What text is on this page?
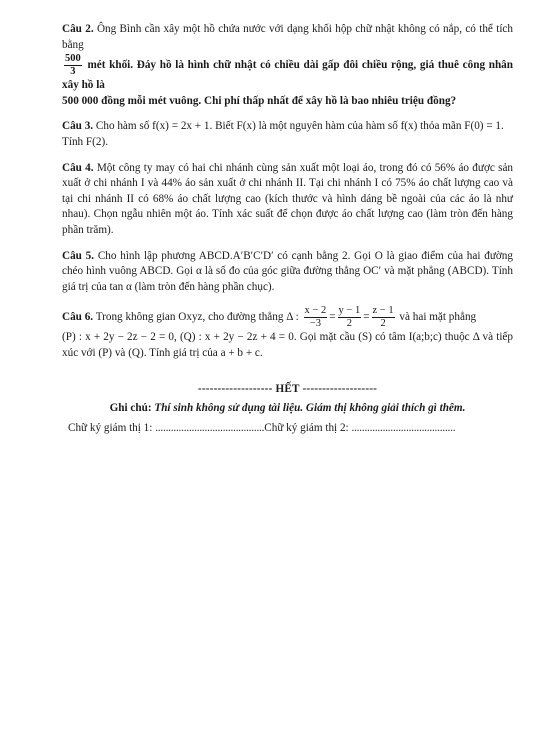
Câu 2. Ông Bình cần xây một hồ chứa nước với dạng khối hộp chữ nhật không có nắp, có thể tích bằng

$\frac{500}{3}$ mét khối. Đáy hồ là hình chữ nhật có chiều dài gấp đôi chiều rộng, giá thuê công nhân xây hồ là
500 000 đồng mỗi mét vuông. Chi phí thấp nhất để xây hồ là bao nhiêu triệu đồng?
Câu 3. Cho hàm số f(x) = 2x + 1. Biết F(x) là một nguyên hàm của hàm số f(x) thỏa mãn F(0) = 1.
Tính F(2).
Câu 4. Một công ty may có hai chi nhánh cùng sản xuất một loại áo, trong đó có 56% áo được sản xuất ở chi nhánh I và 44% áo sản xuất ở chi nhánh II. Tại chi nhánh I có 75% áo chất lượng cao và tại chi nhánh II có 68% áo chất lượng cao (kích thước và hình dáng bề ngoài của các áo là như nhau). Chọn ngẫu nhiên một áo. Tính xác suất để chọn được áo chất lượng cao (làm tròn đến hàng phần trăm).
Câu 5. Cho hình lập phương ABCD.A′B′C′D′ có cạnh bằng 2. Gọi O là giao điểm của hai đường chéo hình vuông ABCD. Gọi α là số đo của góc giữa đường thẳng OC′ và mặt phẳng (ABCD). Tính giá trị của tan α (làm tròn đến hàng phần chục).
Câu 6. Trong không gian Oxyz, cho đường thẳng Δ : $\frac{x - 2}{-3} = \frac{y - 1}{2} = \frac{z - 1}{2}$ và hai mặt phẳng
(P) : x + 2y − 2z − 2 = 0, (Q) : x + 2y − 2z + 4 = 0. Gọi mặt cầu (S) có tâm I(a;b;c) thuộc Δ và tiếp xúc với (P) và (Q). Tính giá trị của a + b + c.
------------------- HẾT -------------------
Ghi chú: Thí sinh không sử dụng tài liệu. Giám thị không giải thích gì thêm.
Chữ ký giám thị 1: ..........................................Chữ ký giám thị 2: ........................................
